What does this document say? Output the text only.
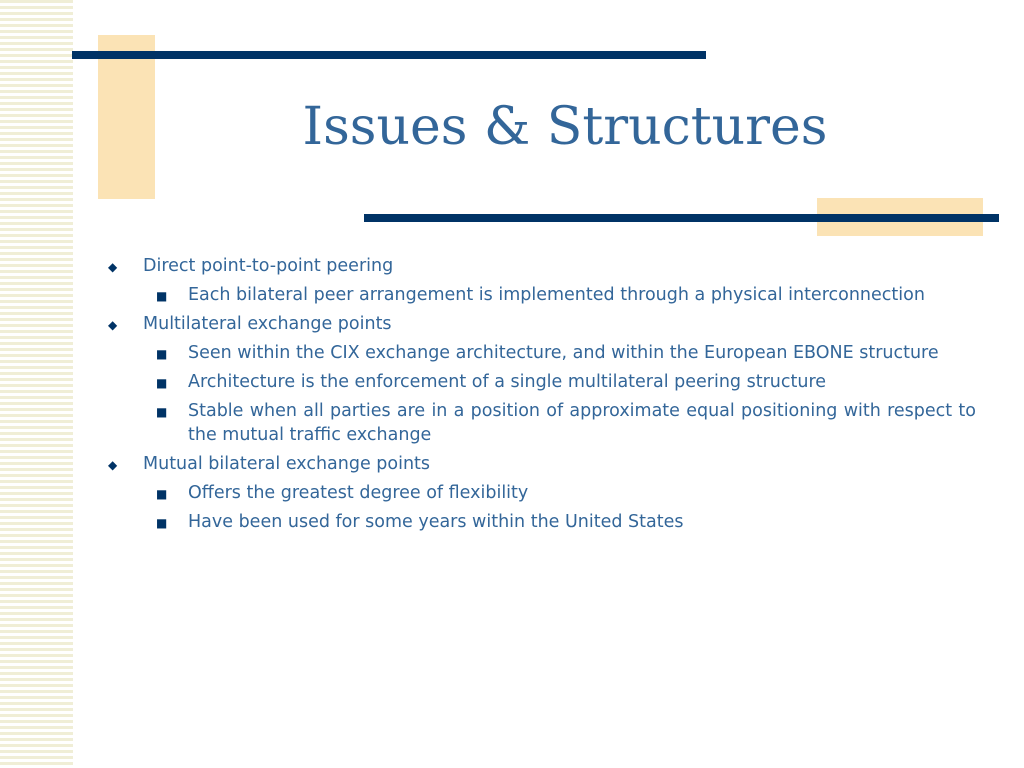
Issues & Structures
◆ Direct point-to-point peering
■ Each bilateral peer arrangement is implemented through a physical interconnection
◆ Multilateral exchange points
■ Seen within the CIX exchange architecture, and within the European EBONE structure
■ Architecture is the enforcement of a single multilateral peering structure
■ Stable when all parties are in a position of approximate equal positioning with respect to the mutual traffic exchange
◆ Mutual bilateral exchange points
■ Offers the greatest degree of flexibility
■ Have been used for some years within the United States
